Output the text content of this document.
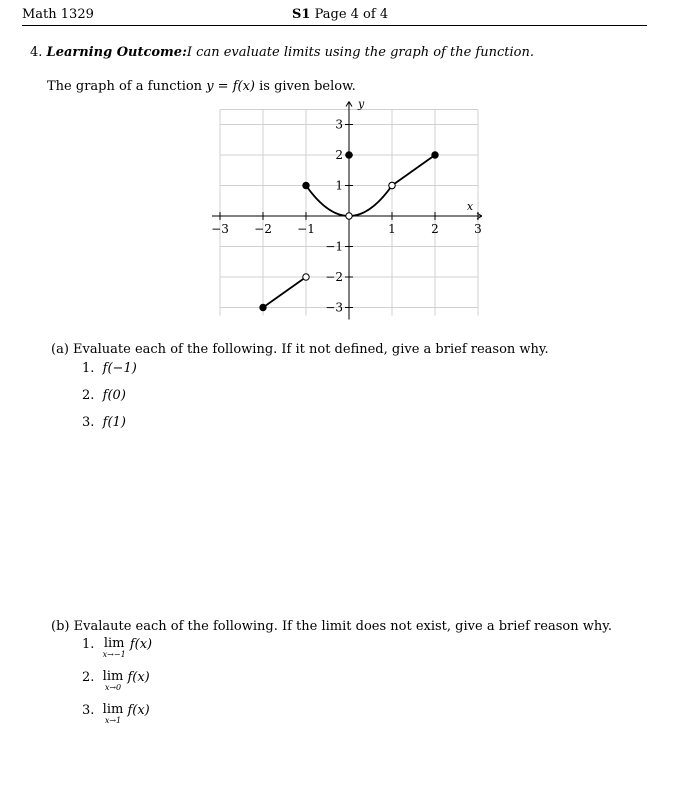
Math 1329	S1 Page 4 of 4
4. Learning Outcome:I can evaluate limits using the graph of the function.
The graph of a function y = f(x) is given below.
−3 −2 −1	1	2	3
3
2
1
−1
−2
−3
x
y
(a) Evaluate each of the following. If it not defined, give a brief reason why.
1. f(−1)
2. f(0)
3. f(1)
(b) Evalaute each of the following. If the limit does not exist, give a brief reason why.
1. lim
x→−1
f(x)
2. lim
x→0
f(x)
3. lim
x→1
f(x)
